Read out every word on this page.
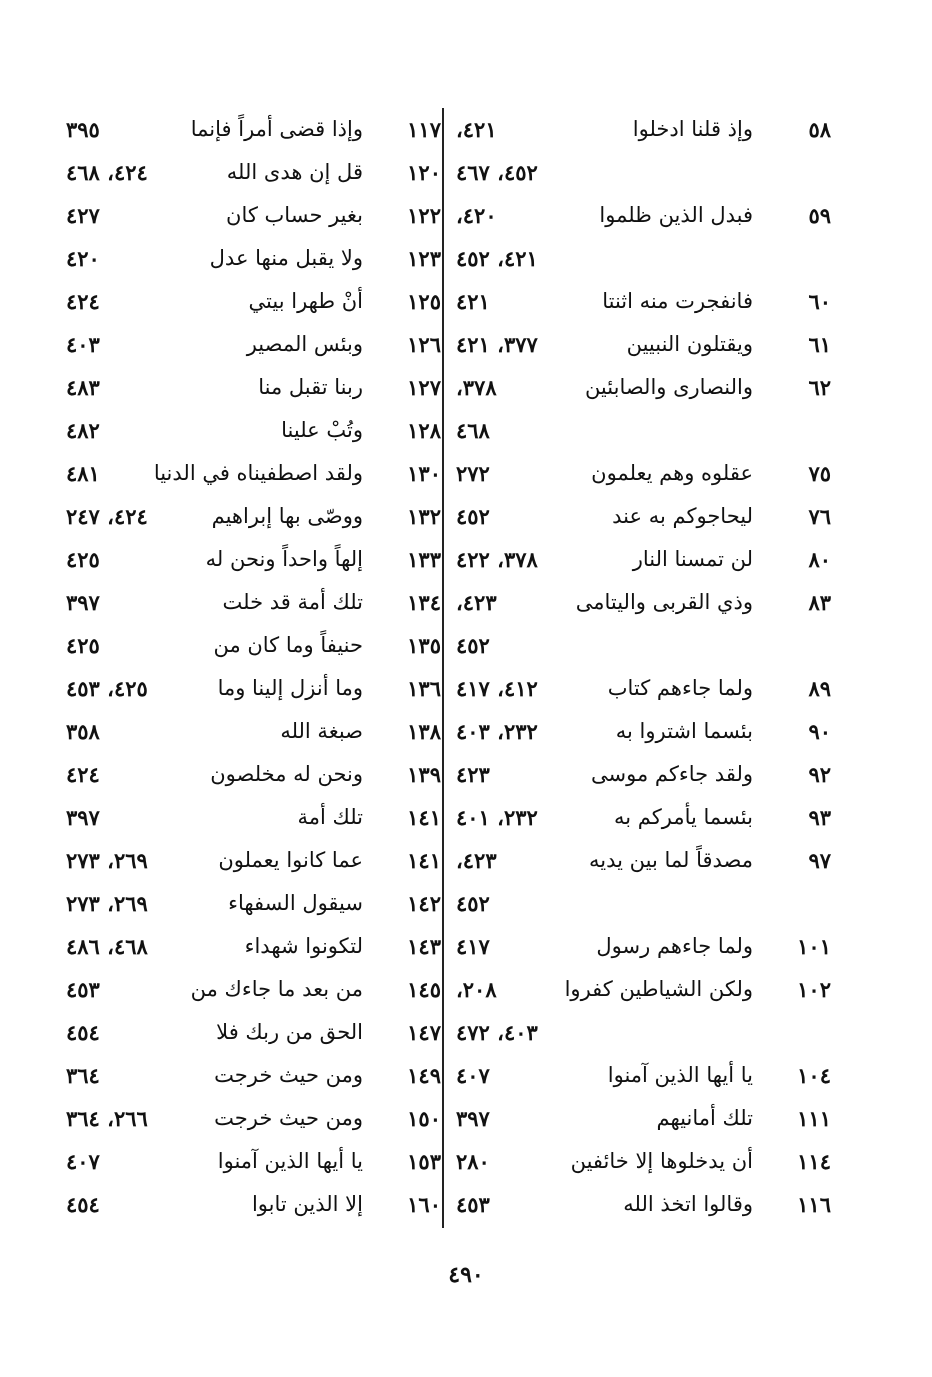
٥٨
وإذ قلنا ادخلوا
٤٢١،
٤٥٢، ٤٦٧
٥٩
فبدل الذين ظلموا
٤٢٠،
٤٢١، ٤٥٢
٦٠
فانفجرت منه اثنتا
٤٢١
٦١
ويقتلون النبيين
٣٧٧، ٤٢١
٦٢
والنصارى والصابئين
٣٧٨،
٤٦٨
٧٥
عقلوه وهم يعلمون
٢٧٢
٧٦
ليحاجوكم به عند
٤٥٢
٨٠
لن تمسنا النار
٣٧٨، ٤٢٢
٨٣
وذي القربى واليتامى
٤٢٣،
٤٥٢
٨٩
ولما جاءهم كتاب
٤١٢، ٤١٧
٩٠
بئسما اشتروا به
٢٣٢، ٤٠٣
٩٢
ولقد جاءكم موسى
٤٢٣
٩٣
بئسما يأمركم به
٢٣٢، ٤٠١
٩٧
مصدقاً لما بين يديه
٤٢٣،
٤٥٢
١٠١
ولما جاءهم رسول
٤١٧
١٠٢
ولكن الشياطين كفروا
٢٠٨،
٤٠٣، ٤٧٢
١٠٤
يا أيها الذين آمنوا
٤٠٧
١١١
تلك أمانيهم
٣٩٧
١١٤
أن يدخلوها إلا خائفين
٢٨٠
١١٦
وقالوا اتخذ الله
٤٥٣
١١٧
وإذا قضى أمراً فإنما
٣٩٥
١٢٠
قل إن هدى الله
٤٢٤، ٤٦٨
١٢٢
بغير حساب كان
٤٢٧
١٢٣
ولا يقبل منها عدل
٤٢٠
١٢٥
أنْ طهرا بيتي
٤٢٤
١٢٦
وبئس المصير
٤٠٣
١٢٧
ربنا تقبل منا
٤٨٣
١٢٨
وتُبْ علينا
٤٨٢
١٣٠
ولقد اصطفيناه في الدنيا
٤٨١
١٣٢
ووصّى بها إبراهيم
٤٢٤، ٢٤٧
١٣٣
إلهاً واحداً ونحن له
٤٢٥
١٣٤
تلك أمة قد خلت
٣٩٧
١٣٥
حنيفاً وما كان من
٤٢٥
١٣٦
وما أنزل إلينا وما
٤٢٥، ٤٥٣
١٣٨
صبغة الله
٣٥٨
١٣٩
ونحن له مخلصون
٤٢٤
١٤١
تلك أمة
٣٩٧
١٤١
عما كانوا يعملون
٢٦٩، ٢٧٣
١٤٢
سيقول السفهاء
٢٦٩، ٢٧٣
١٤٣
لتكونوا شهداء
٤٦٨، ٤٨٦
١٤٥
من بعد ما جاءك من
٤٥٣
١٤٧
الحق من ربك فلا
٤٥٤
١٤٩
ومن حيث خرجت
٣٦٤
١٥٠
ومن حيث خرجت
٢٦٦، ٣٦٤
١٥٣
يا أيها الذين آمنوا
٤٠٧
١٦٠
إلا الذين تابوا
٤٥٤
٤٩٠
